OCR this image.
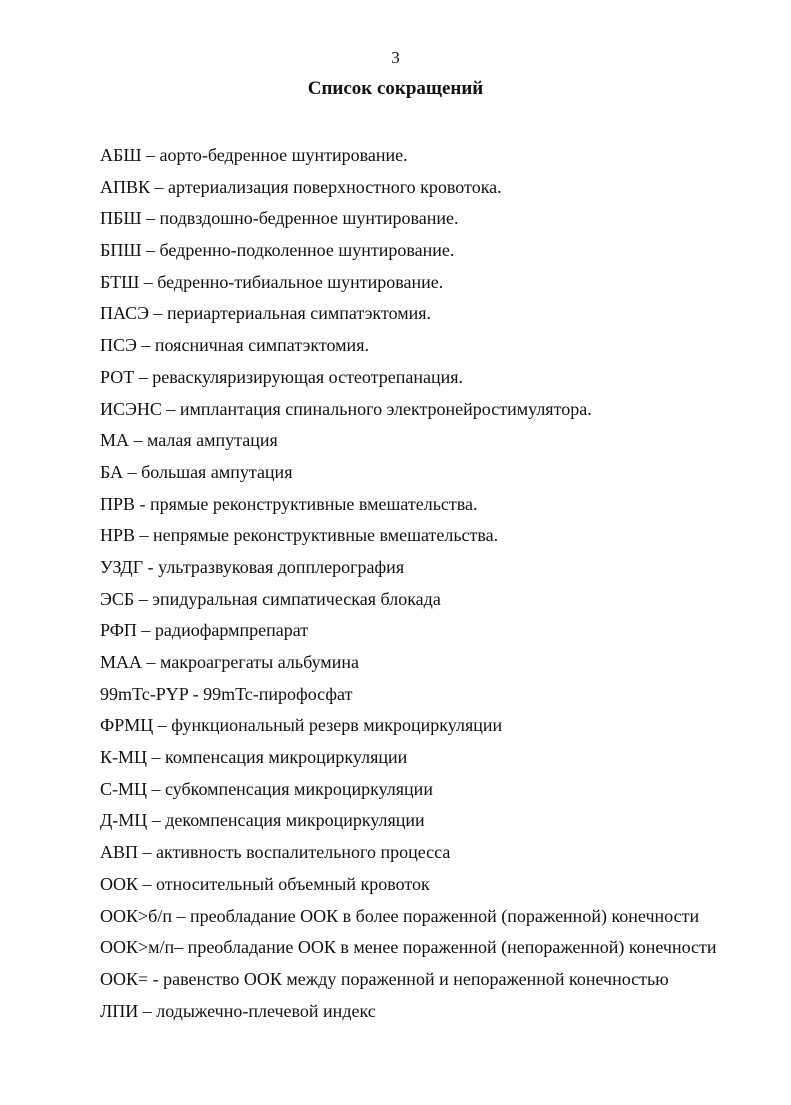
3
Список сокращений
АБШ – аорто-бедренное шунтирование.
АПВК – артериализация поверхностного кровотока.
ПБШ – подвздошно-бедренное шунтирование.
БПШ – бедренно-подколенное шунтирование.
БТШ – бедренно-тибиальное шунтирование.
ПАСЭ – периартериальная симпатэктомия.
ПСЭ – поясничная симпатэктомия.
РОТ – реваскуляризирующая остеотрепанация.
ИСЭНС – имплантация спинального электронейростимулятора.
МА – малая ампутация
БА – большая ампутация
ПРВ - прямые реконструктивные вмешательства.
НРВ – непрямые реконструктивные вмешательства.
УЗДГ - ультразвуковая допплерография
ЭСБ – эпидуральная симпатическая блокада
РФП – радиофармпрепарат
МАА – макроагрегаты альбумина
99mTc-PYP - 99mTc-пирофосфат
ФРМЦ – функциональный резерв микроциркуляции
К-МЦ – компенсация микроциркуляции
С-МЦ – субкомпенсация микроциркуляции
Д-МЦ – декомпенсация микроциркуляции
АВП – активность воспалительного процесса
ООК – относительный объемный кровоток
ООК>б/п – преобладание ООК в более пораженной (пораженной) конечности
ООК>м/п– преобладание ООК в менее пораженной (непораженной) конечности
ООК= - равенство ООК между пораженной и непораженной конечностью
ЛПИ – лодыжечно-плечевой индекс
